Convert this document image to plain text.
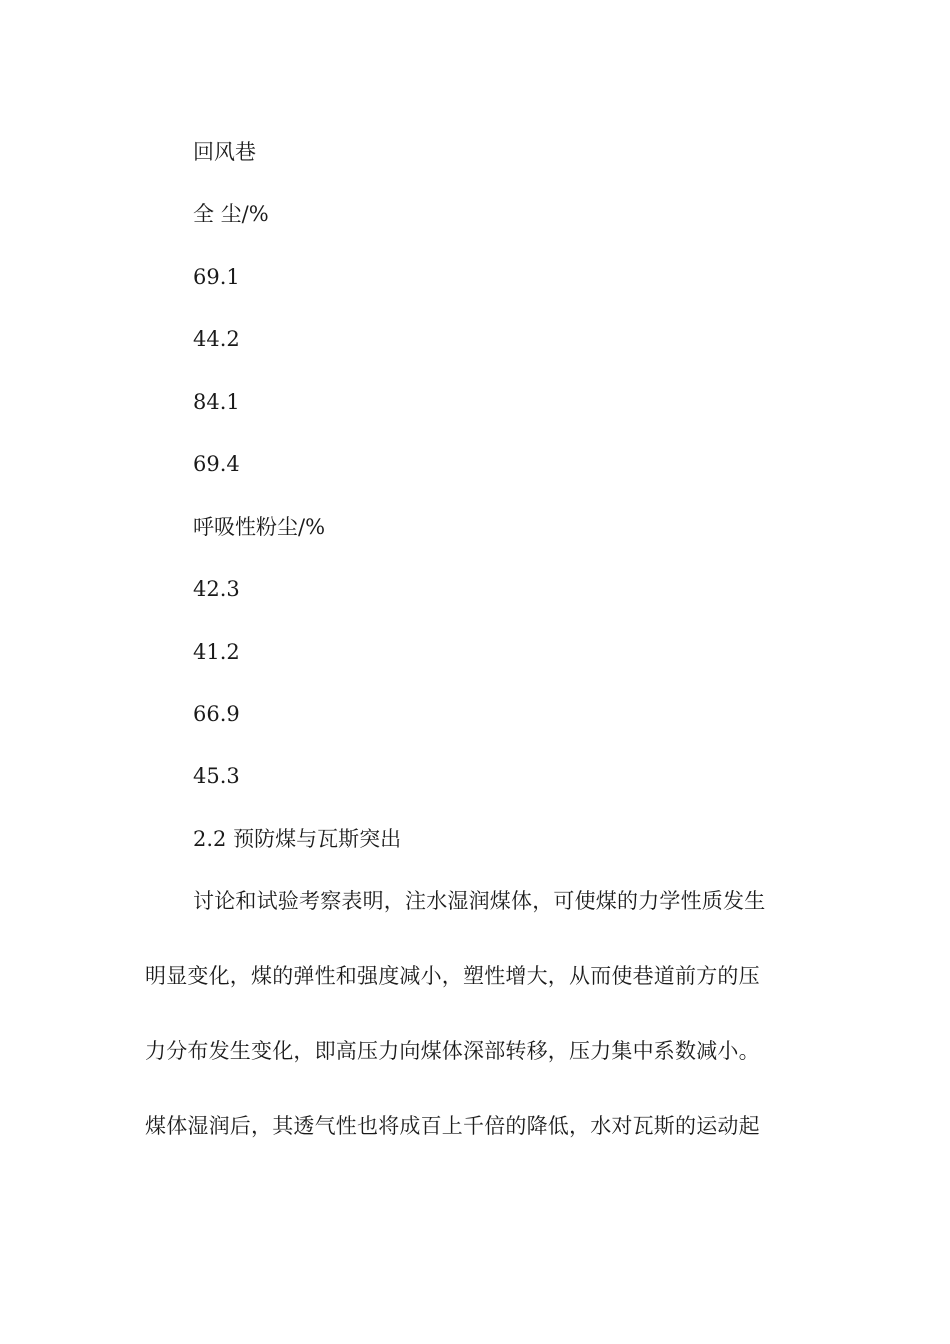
回风巷
全 尘/%
69.1
44.2
84.1
69.4
呼吸性粉尘/%
42.3
41.2
66.9
45.3
2.2 预防煤与瓦斯突出
讨论和试验考察表明，注水湿润煤体，可使煤的力学性质发生
明显变化，煤的弹性和强度减小，塑性增大，从而使巷道前方的压
力分布发生变化，即高压力向煤体深部转移，压力集中系数减小。
煤体湿润后，其透气性也将成百上千倍的降低，水对瓦斯的运动起
